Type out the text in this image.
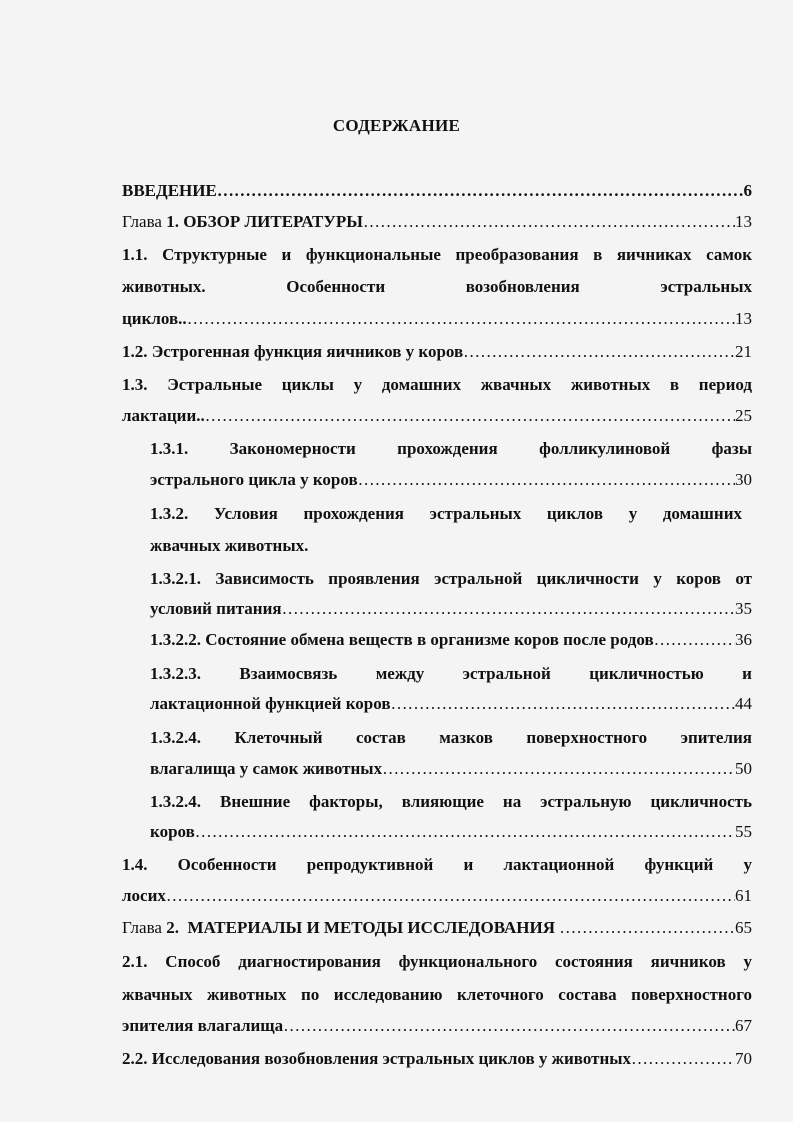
СОДЕРЖАНИЕ
ВВЕДЕНИЕ …………………………………………………………………………………………………………………………………………………………………………………………………………………………………………………………	6
Глава
1.
ОБЗОР ЛИТЕРАТУРЫ …………………………………………………………………………………………………………………………………………………………………………………………………………………………………………………………	13
1.1. Структурные и функциональные преобразования в яичниках самок
животных.	Особенности	возобновления	эстральных
циклов.. …………………………………………………………………………………………………………………………………………………………………………………………………………………………………………………………	13
1.2. Эстрогенная функция яичников у коров …………………………………………………………………………………………………………………………………………………………………………………………………………………………………………………………	21
1.3. Эстральные циклы у домашних жвачных животных в период
лактации.. …………………………………………………………………………………………………………………………………………………………………………………………………………………………………………………………	25
1.3.1. Закономерности прохождения фолликулиновой фазы
эстрального цикла у коров …………………………………………………………………………………………………………………………………………………………………………………………………………………………………………………………	30
1.3.2. Условия прохождения эстральных циклов у домашних
жвачных животных.
1.3.2.1. Зависимость проявления эстральной цикличности у коров от
условий питания …………………………………………………………………………………………………………………………………………………………………………………………………………………………………………………………	35
1.3.2.2. Состояние обмена веществ в организме коров после родов …………………………………………………………………………………………………………………………………………………………………………………………………………………………………………………………	36
1.3.2.3. Взаимосвязь между эстральной цикличностью и
лактационной функцией коров …………………………………………………………………………………………………………………………………………………………………………………………………………………………………………………………	44
1.3.2.4. Клеточный состав мазков поверхностного эпителия
влагалища у самок животных …………………………………………………………………………………………………………………………………………………………………………………………………………………………………………………………	50
1.3.2.4. Внешние факторы, влияющие на эстральную цикличность
коров …………………………………………………………………………………………………………………………………………………………………………………………………………………………………………………………	55
1.4. Особенности репродуктивной и лактационной функций у
лосих …………………………………………………………………………………………………………………………………………………………………………………………………………………………………………………………	61
Глава
2.
МАТЕРИАЛЫ И МЕТОДЫ ИССЛЕДОВАНИЯ
…………………………………………………………………………………………………………………………………………………………………………………………………………………………………………………………	65
2.1. Способ диагностирования функционального состояния яичников у
жвачных животных по исследованию клеточного состава поверхностного
эпителия влагалища …………………………………………………………………………………………………………………………………………………………………………………………………………………………………………………………	67
2.2. Исследования возобновления эстральных циклов у животных …………………………………………………………………………………………………………………………………………………………………………………………………………………………………………………………	70
